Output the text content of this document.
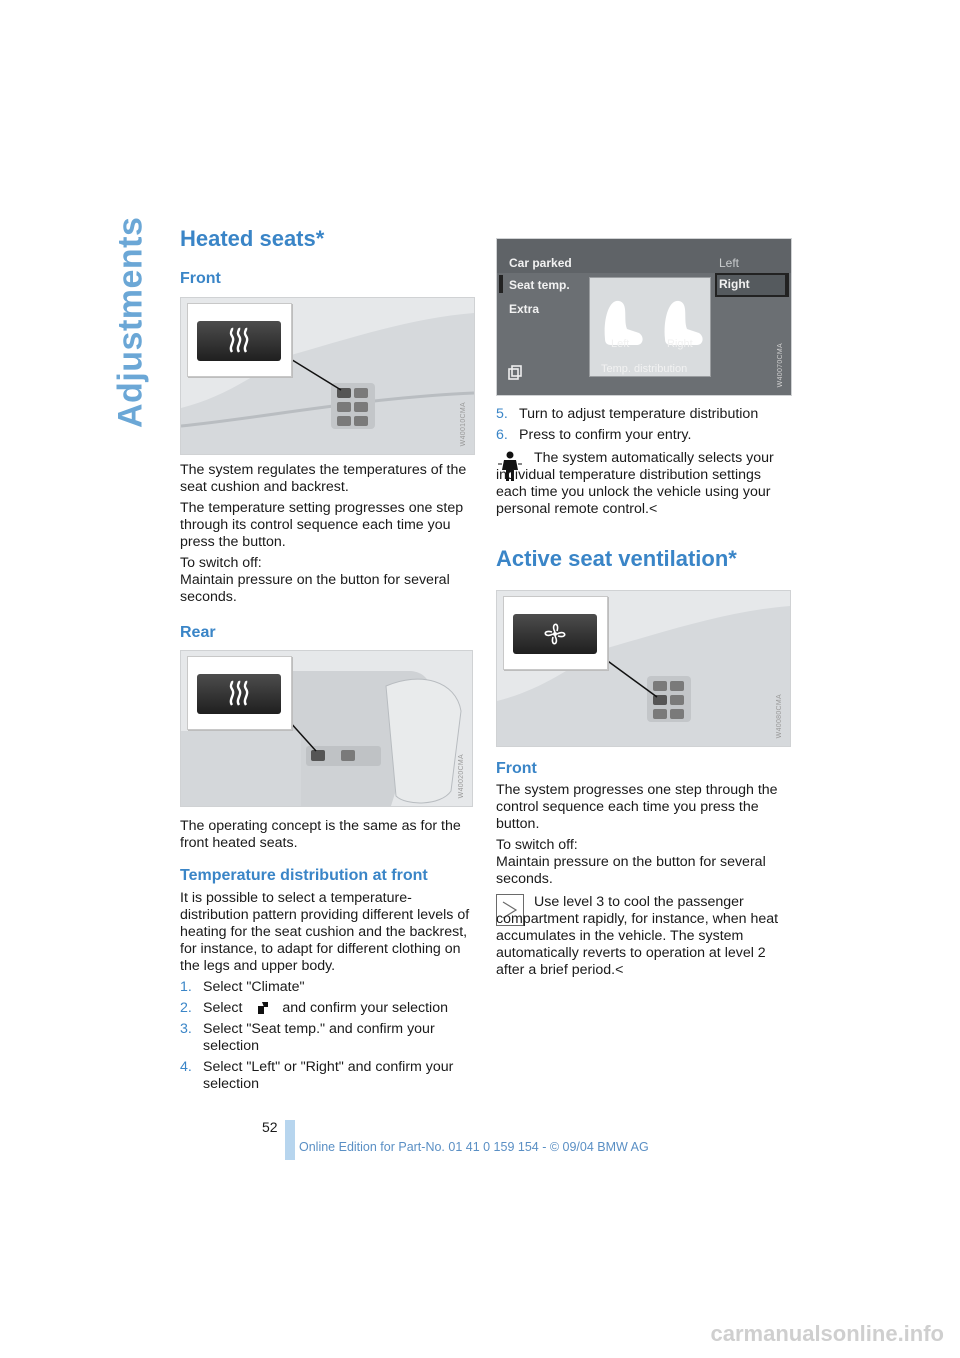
Adjustments Heated seats*
Front
W40010CMA

The system regulates the temperatures of the seat cushion and backrest.

The temperature setting progresses one step through its control sequence each time you press the button.

To switch off:
Maintain pressure on the button for several seconds.

Rear
W40020CMA

The operating concept is the same as for the front heated seats.

Temperature distribution at front

It is possible to select a temperature-distribution pattern providing different levels of heating for the seat cushion and the backrest, for instance, to adapt for different clothing on the legs and upper body.

1. Select "Climate"
2. Select	and confirm your selection
3. Select "Seat temp." and confirm your selection
4. Select "Left" or "Right" and confirm your selection
Car parked
Seat temp.
Extra
Left
Right
Left	Right
Temp. distribution	W40070CMA
5. Turn to adjust temperature distribution
6. Press to confirm your entry.
The system automatically selects your individual temperature distribution settings each time you unlock the vehicle using your personal remote control.<
Active seat ventilation*
W40080CMA
Front

The system progresses one step through the control sequence each time you press the button.

To switch off:
Maintain pressure on the button for several seconds.

Use level 3 to cool the passenger compartment rapidly, for instance, when heat accumulates in the vehicle. The system automatically reverts to operation at level 2 after a brief period.<
52
Online Edition for Part-No. 01 41 0 159 154 - © 09/04 BMW AG
carmanualsonline.info
